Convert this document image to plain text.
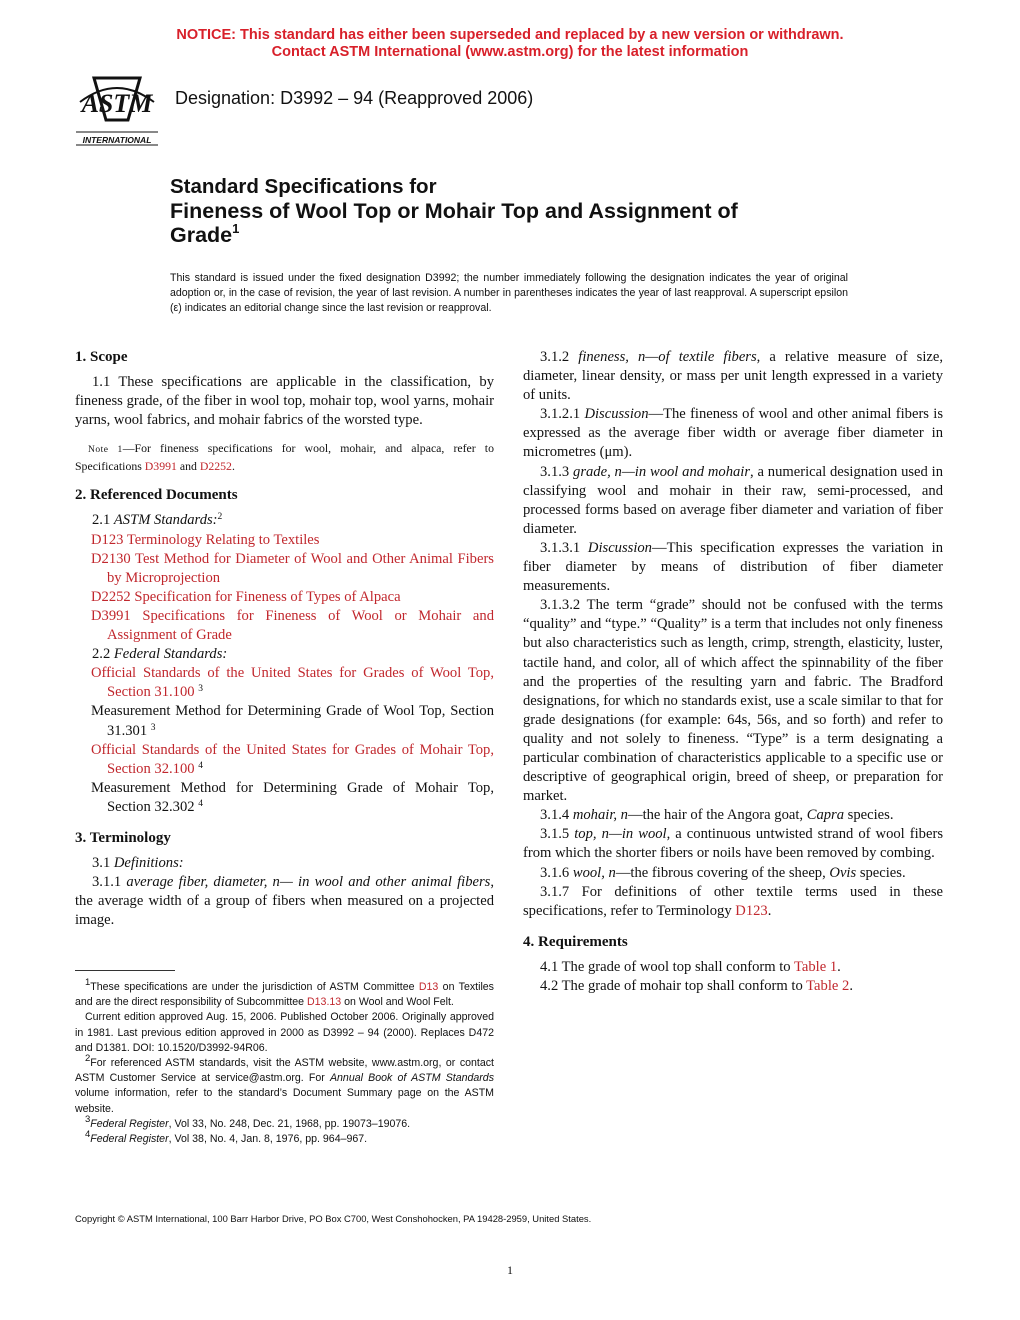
NOTICE: This standard has either been superseded and replaced by a new version or withdrawn.
Contact ASTM International (www.astm.org) for the latest information
ASTM
INTERNATIONAL
Designation: D3992 – 94 (Reapproved 2006)
Standard Specifications for
Fineness of Wool Top or Mohair Top and Assignment of
Grade$^1$
This standard is issued under the fixed designation D3992; the number immediately following the designation indicates the year of original adoption or, in the case of revision, the year of last revision. A number in parentheses indicates the year of last reapproval. A superscript epsilon (ε) indicates an editorial change since the last revision or reapproval.
1. Scope

1.1 These specifications are applicable in the classification, by fineness grade, of the fiber in wool top, mohair top, wool yarns, mohair yarns, wool fabrics, and mohair fabrics of the worsted type.

Note 1—For fineness specifications for wool, mohair, and alpaca, refer to Specifications D3991 and D2252.

2. Referenced Documents

2.1 ASTM Standards:$^2$

D123 Terminology Relating to Textiles

D2130 Test Method for Diameter of Wool and Other Animal Fibers by Microprojection

D2252 Specification for Fineness of Types of Alpaca

D3991 Specifications for Fineness of Wool or Mohair and Assignment of Grade

2.2 Federal Standards:

Official Standards of the United States for Grades of Wool Top, Section 31.100 $^3$

Measurement Method for Determining Grade of Wool Top, Section 31.301 $^3$

Official Standards of the United States for Grades of Mohair Top, Section 32.100 $^4$

Measurement Method for Determining Grade of Mohair Top, Section 32.302 $^4$

3. Terminology

3.1 Definitions:

3.1.1 average fiber, diameter, n— in wool and other animal fibers, the average width of a group of fibers when measured on a projected image.

3.1.2 fineness, n—of textile fibers, a relative measure of size, diameter, linear density, or mass per unit length expressed in a variety of units.

3.1.2.1 Discussion—The fineness of wool and other animal fibers is expressed as the average fiber width or average fiber diameter in micrometres (μm).

3.1.3 grade, n—in wool and mohair, a numerical designation used in classifying wool and mohair in their raw, semi-processed, and processed forms based on average fiber diameter and variation of fiber diameter.

3.1.3.1 Discussion—This specification expresses the variation in fiber diameter by means of distribution of fiber diameter measurements.

3.1.3.2 The term “grade” should not be confused with the terms “quality” and “type.” “Quality” is a term that includes not only fineness but also characteristics such as length, crimp, strength, elasticity, luster, tactile hand, and color, all of which affect the spinnability of the fiber and the properties of the resulting yarn and fabric. The Bradford designations, for which no standards exist, use a scale similar to that for grade designations (for example: 64s, 56s, and so forth) and refer to quality and not solely to fineness. “Type” is a term designating a particular combination of characteristics applicable to a specific use or descriptive of geographical origin, breed of sheep, or preparation for market.

3.1.4 mohair, n—the hair of the Angora goat, Capra species.

3.1.5 top, n—in wool, a continuous untwisted strand of wool fibers from which the shorter fibers or noils have been removed by combing.

3.1.6 wool, n—the fibrous covering of the sheep, Ovis species.

3.1.7 For definitions of other textile terms used in these specifications, refer to Terminology D123.

4. Requirements

4.1 The grade of wool top shall conform to Table 1.

4.2 The grade of mohair top shall conform to Table 2.

$^1$These specifications are under the jurisdiction of ASTM Committee D13 on Textiles and are the direct responsibility of Subcommittee D13.13 on Wool and Wool Felt.

Current edition approved Aug. 15, 2006. Published October 2006. Originally approved in 1981. Last previous edition approved in 2000 as D3992 – 94 (2000). Replaces D472 and D1381. DOI: 10.1520/D3992-94R06.

$^2$For referenced ASTM standards, visit the ASTM website, www.astm.org, or contact ASTM Customer Service at service@astm.org. For Annual Book of ASTM Standards volume information, refer to the standard’s Document Summary page on the ASTM website.

$^3$Federal Register, Vol 33, No. 248, Dec. 21, 1968, pp. 19073–19076.

$^4$Federal Register, Vol 38, No. 4, Jan. 8, 1976, pp. 964–967.

Copyright © ASTM International, 100 Barr Harbor Drive, PO Box C700, West Conshohocken, PA 19428-2959, United States.
1
